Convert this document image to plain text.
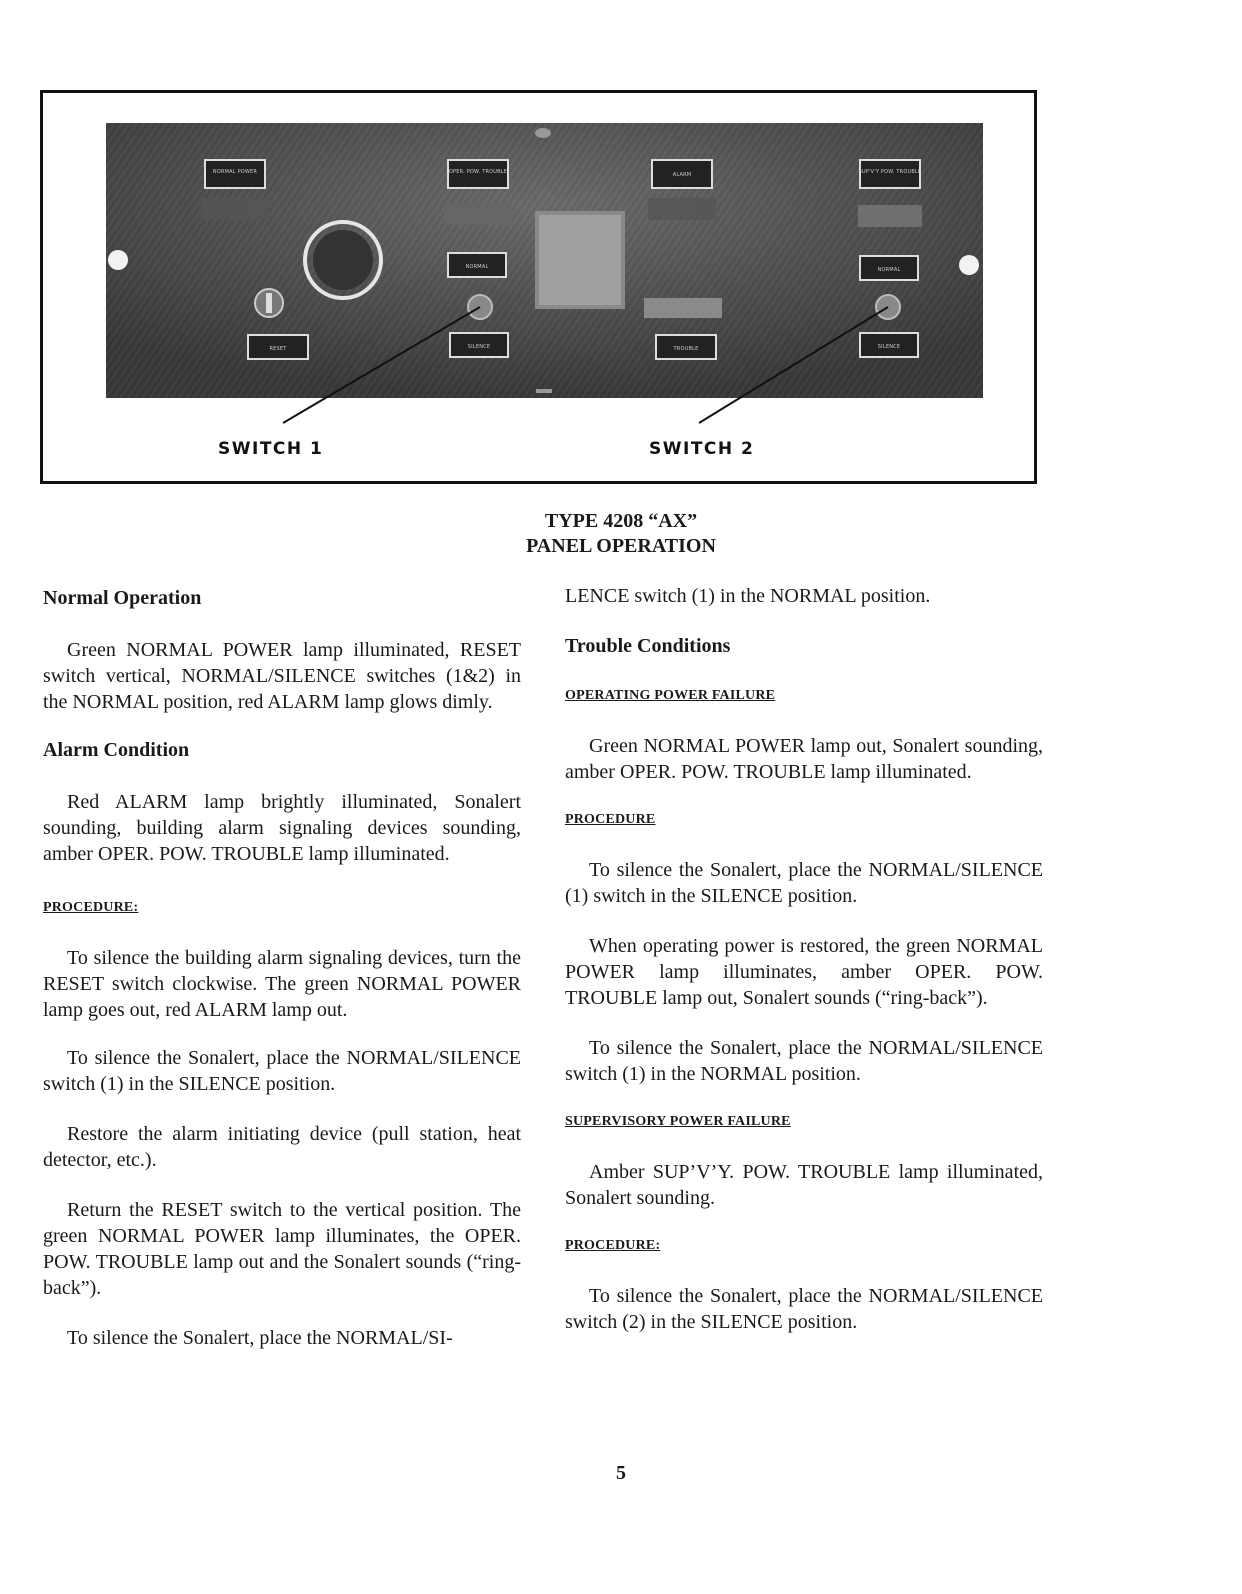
NORMAL POWER	OPER. POW. TROUBLE	ALARM	SUP'V'Y POW. TROUBLE
NORMAL	NORMAL
RESET	SILENCE	TROUBLE	SILENCE
SWITCH 1	SWITCH 2
TYPE 4208 “AX”
PANEL OPERATION

Normal Operation

Green NORMAL POWER lamp illuminated, RESET switch vertical, NORMAL/SILENCE switches (1&2) in the NORMAL position, red ALARM lamp glows dimly.

Alarm Condition

Red ALARM lamp brightly illuminated, Sonalert sounding, building alarm signaling devices sounding, amber OPER. POW. TROUBLE lamp illuminated.

PROCEDURE:

To silence the building alarm signaling devices, turn the RESET switch clockwise. The green NORMAL POWER lamp goes out, red ALARM lamp out.

To silence the Sonalert, place the NORMAL/SILENCE switch (1) in the SILENCE position.

Restore the alarm initiating device (pull station, heat detector, etc.).

Return the RESET switch to the vertical position. The green NORMAL POWER lamp illuminates, the OPER. POW. TROUBLE lamp out and the Sonalert sounds (“ring-back”).

To silence the Sonalert, place the NORMAL/SI-

LENCE switch (1) in the NORMAL position.

Trouble Conditions

OPERATING POWER FAILURE

Green NORMAL POWER lamp out, Sonalert sounding, amber OPER. POW. TROUBLE lamp illuminated.

PROCEDURE

To silence the Sonalert, place the NORMAL/SILENCE (1) switch in the SILENCE position.

When operating power is restored, the green NORMAL POWER lamp illuminates, amber OPER. POW. TROUBLE lamp out, Sonalert sounds (“ring-back”).

To silence the Sonalert, place the NORMAL/SILENCE switch (1) in the NORMAL position.

SUPERVISORY POWER FAILURE

Amber SUP’V’Y. POW. TROUBLE lamp illuminated, Sonalert sounding.

PROCEDURE:

To silence the Sonalert, place the NORMAL/SILENCE switch (2) in the SILENCE position.

5
